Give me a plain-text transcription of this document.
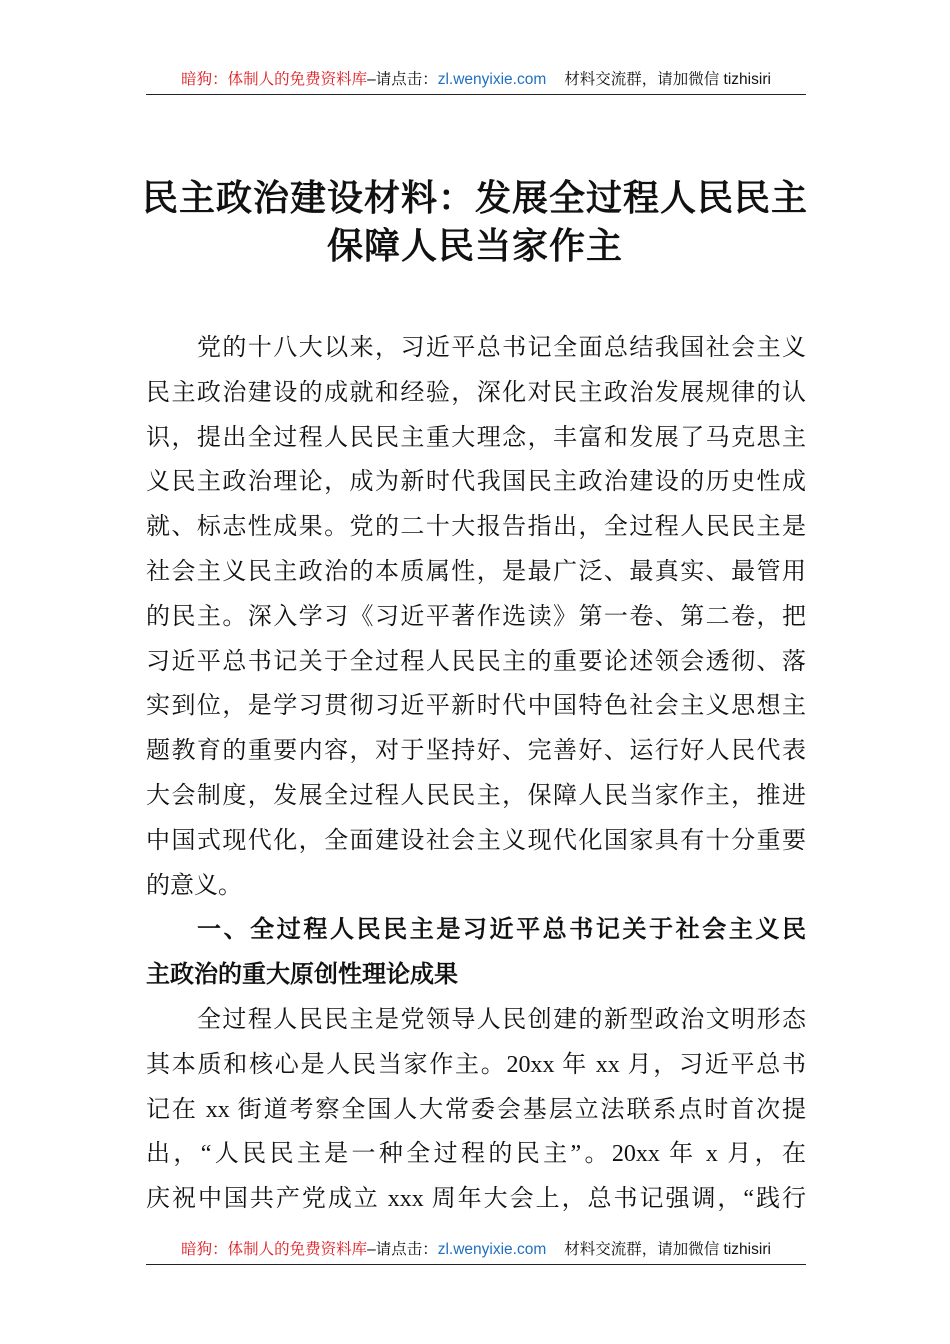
暗狗：体制人的免费资料库–请点击：zl.wenyixie.com 材料交流群，请加微信 tizhisiri
民主政治建设材料：发展全过程人民民主
保障人民当家作主
党的十八大以来，习近平总书记全面总结我国社会主义
民主政治建设的成就和经验，深化对民主政治发展规律的认
识，提出全过程人民民主重大理念，丰富和发展了马克思主
义民主政治理论，成为新时代我国民主政治建设的历史性成
就、标志性成果。党的二十大报告指出，全过程人民民主是
社会主义民主政治的本质属性，是最广泛、最真实、最管用
的民主。深入学习《习近平著作选读》第一卷、第二卷，把
习近平总书记关于全过程人民民主的重要论述领会透彻、落
实到位，是学习贯彻习近平新时代中国特色社会主义思想主
题教育的重要内容，对于坚持好、完善好、运行好人民代表
大会制度，发展全过程人民民主，保障人民当家作主，推进
中国式现代化，全面建设社会主义现代化国家具有十分重要
的意义。
一、全过程人民民主是习近平总书记关于社会主义民
主政治的重大原创性理论成果
全过程人民民主是党领导人民创建的新型政治文明形态
其本质和核心是人民当家作主。20xx 年 xx 月，习近平总书
记在 xx 街道考察全国人大常委会基层立法联系点时首次提
出，“人民民主是一种全过程的民主”。20xx 年 x 月，在
庆祝中国共产党成立 xxx 周年大会上，总书记强调，“践行
暗狗：体制人的免费资料库–请点击：zl.wenyixie.com 材料交流群，请加微信 tizhisiri
